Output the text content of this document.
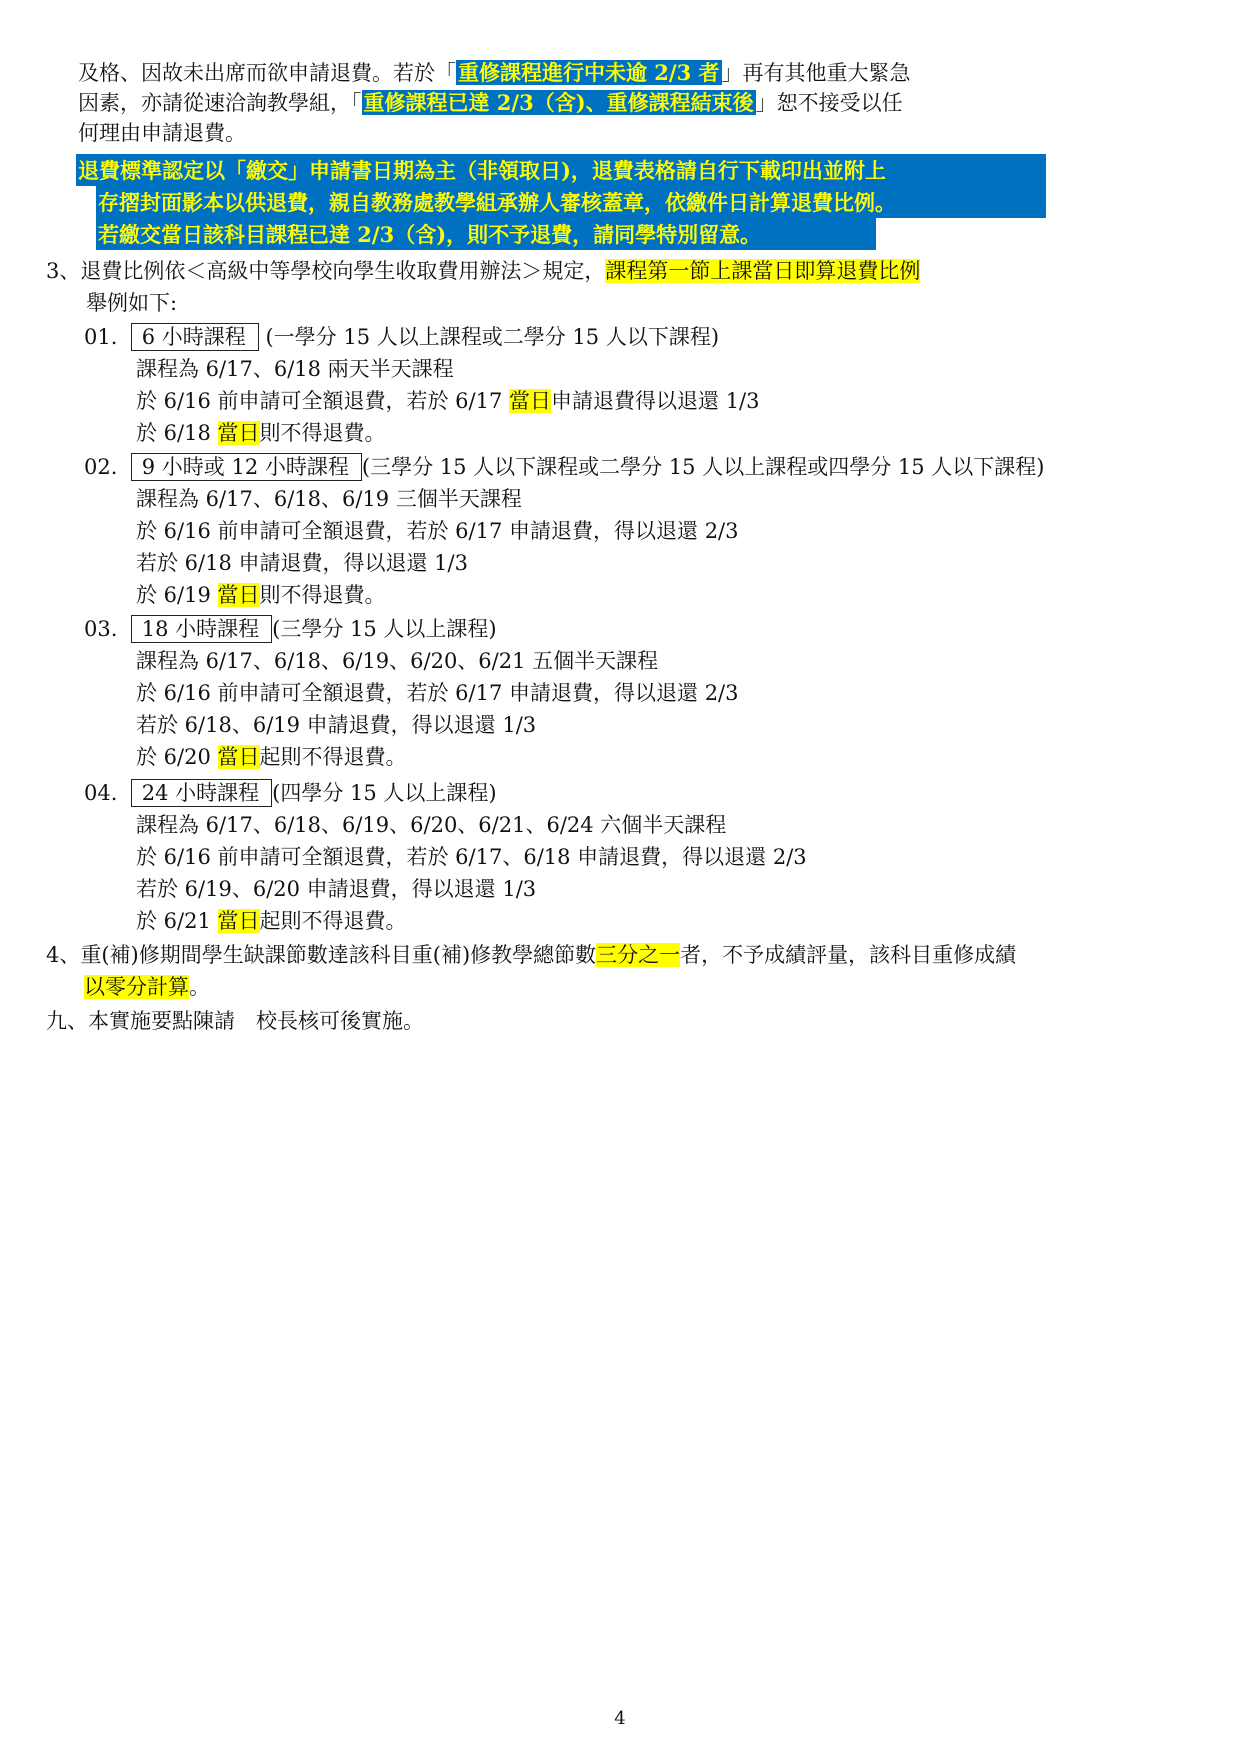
及格、因故未出席而欲申請退費。若於「重修課程進行中未逾 2/3 者」再有其他重大緊急
因素，亦請從速洽詢教學組，「重修課程已達 2/3（含)、重修課程結束後」恕不接受以任
何理由申請退費。
退費標準認定以「繳交」申請書日期為主（非領取日)，退費表格請自行下載印出並附上
存摺封面影本以供退費，親自教務處教學組承辦人審核蓋章，依繳件日計算退費比例。
若繳交當日該科目課程已達 2/3（含)，則不予退費，請同學特別留意。
3、退費比例依＜高級中等學校向學生收取費用辦法＞規定，課程第一節上課當日即算退費比例
舉例如下:
01. 6 小時課程 (一學分 15 人以上課程或二學分 15 人以下課程)
課程為 6/17、6/18 兩天半天課程
於 6/16 前申請可全額退費，若於 6/17 當日申請退費得以退還 1/3
於 6/18 當日則不得退費。
02. 9 小時或 12 小時課程 (三學分 15 人以下課程或二學分 15 人以上課程或四學分 15 人以下課程)
課程為 6/17、6/18、6/19 三個半天課程
於 6/16 前申請可全額退費，若於 6/17 申請退費，得以退還 2/3
若於 6/18 申請退費，得以退還 1/3
於 6/19 當日則不得退費。
03. 18 小時課程 (三學分 15 人以上課程)
課程為 6/17、6/18、6/19、6/20、6/21 五個半天課程
於 6/16 前申請可全額退費，若於 6/17 申請退費，得以退還 2/3
若於 6/18、6/19 申請退費，得以退還 1/3
於 6/20 當日起則不得退費。
04. 24 小時課程 (四學分 15 人以上課程)
課程為 6/17、6/18、6/19、6/20、6/21、6/24 六個半天課程
於 6/16 前申請可全額退費，若於 6/17、6/18 申請退費，得以退還 2/3
若於 6/19、6/20 申請退費，得以退還 1/3
於 6/21 當日起則不得退費。
4、重(補)修期間學生缺課節數達該科目重(補)修教學總節數三分之一者，不予成績評量，該科目重修成績
以零分計算。
九、本實施要點陳請　校長核可後實施。
4
